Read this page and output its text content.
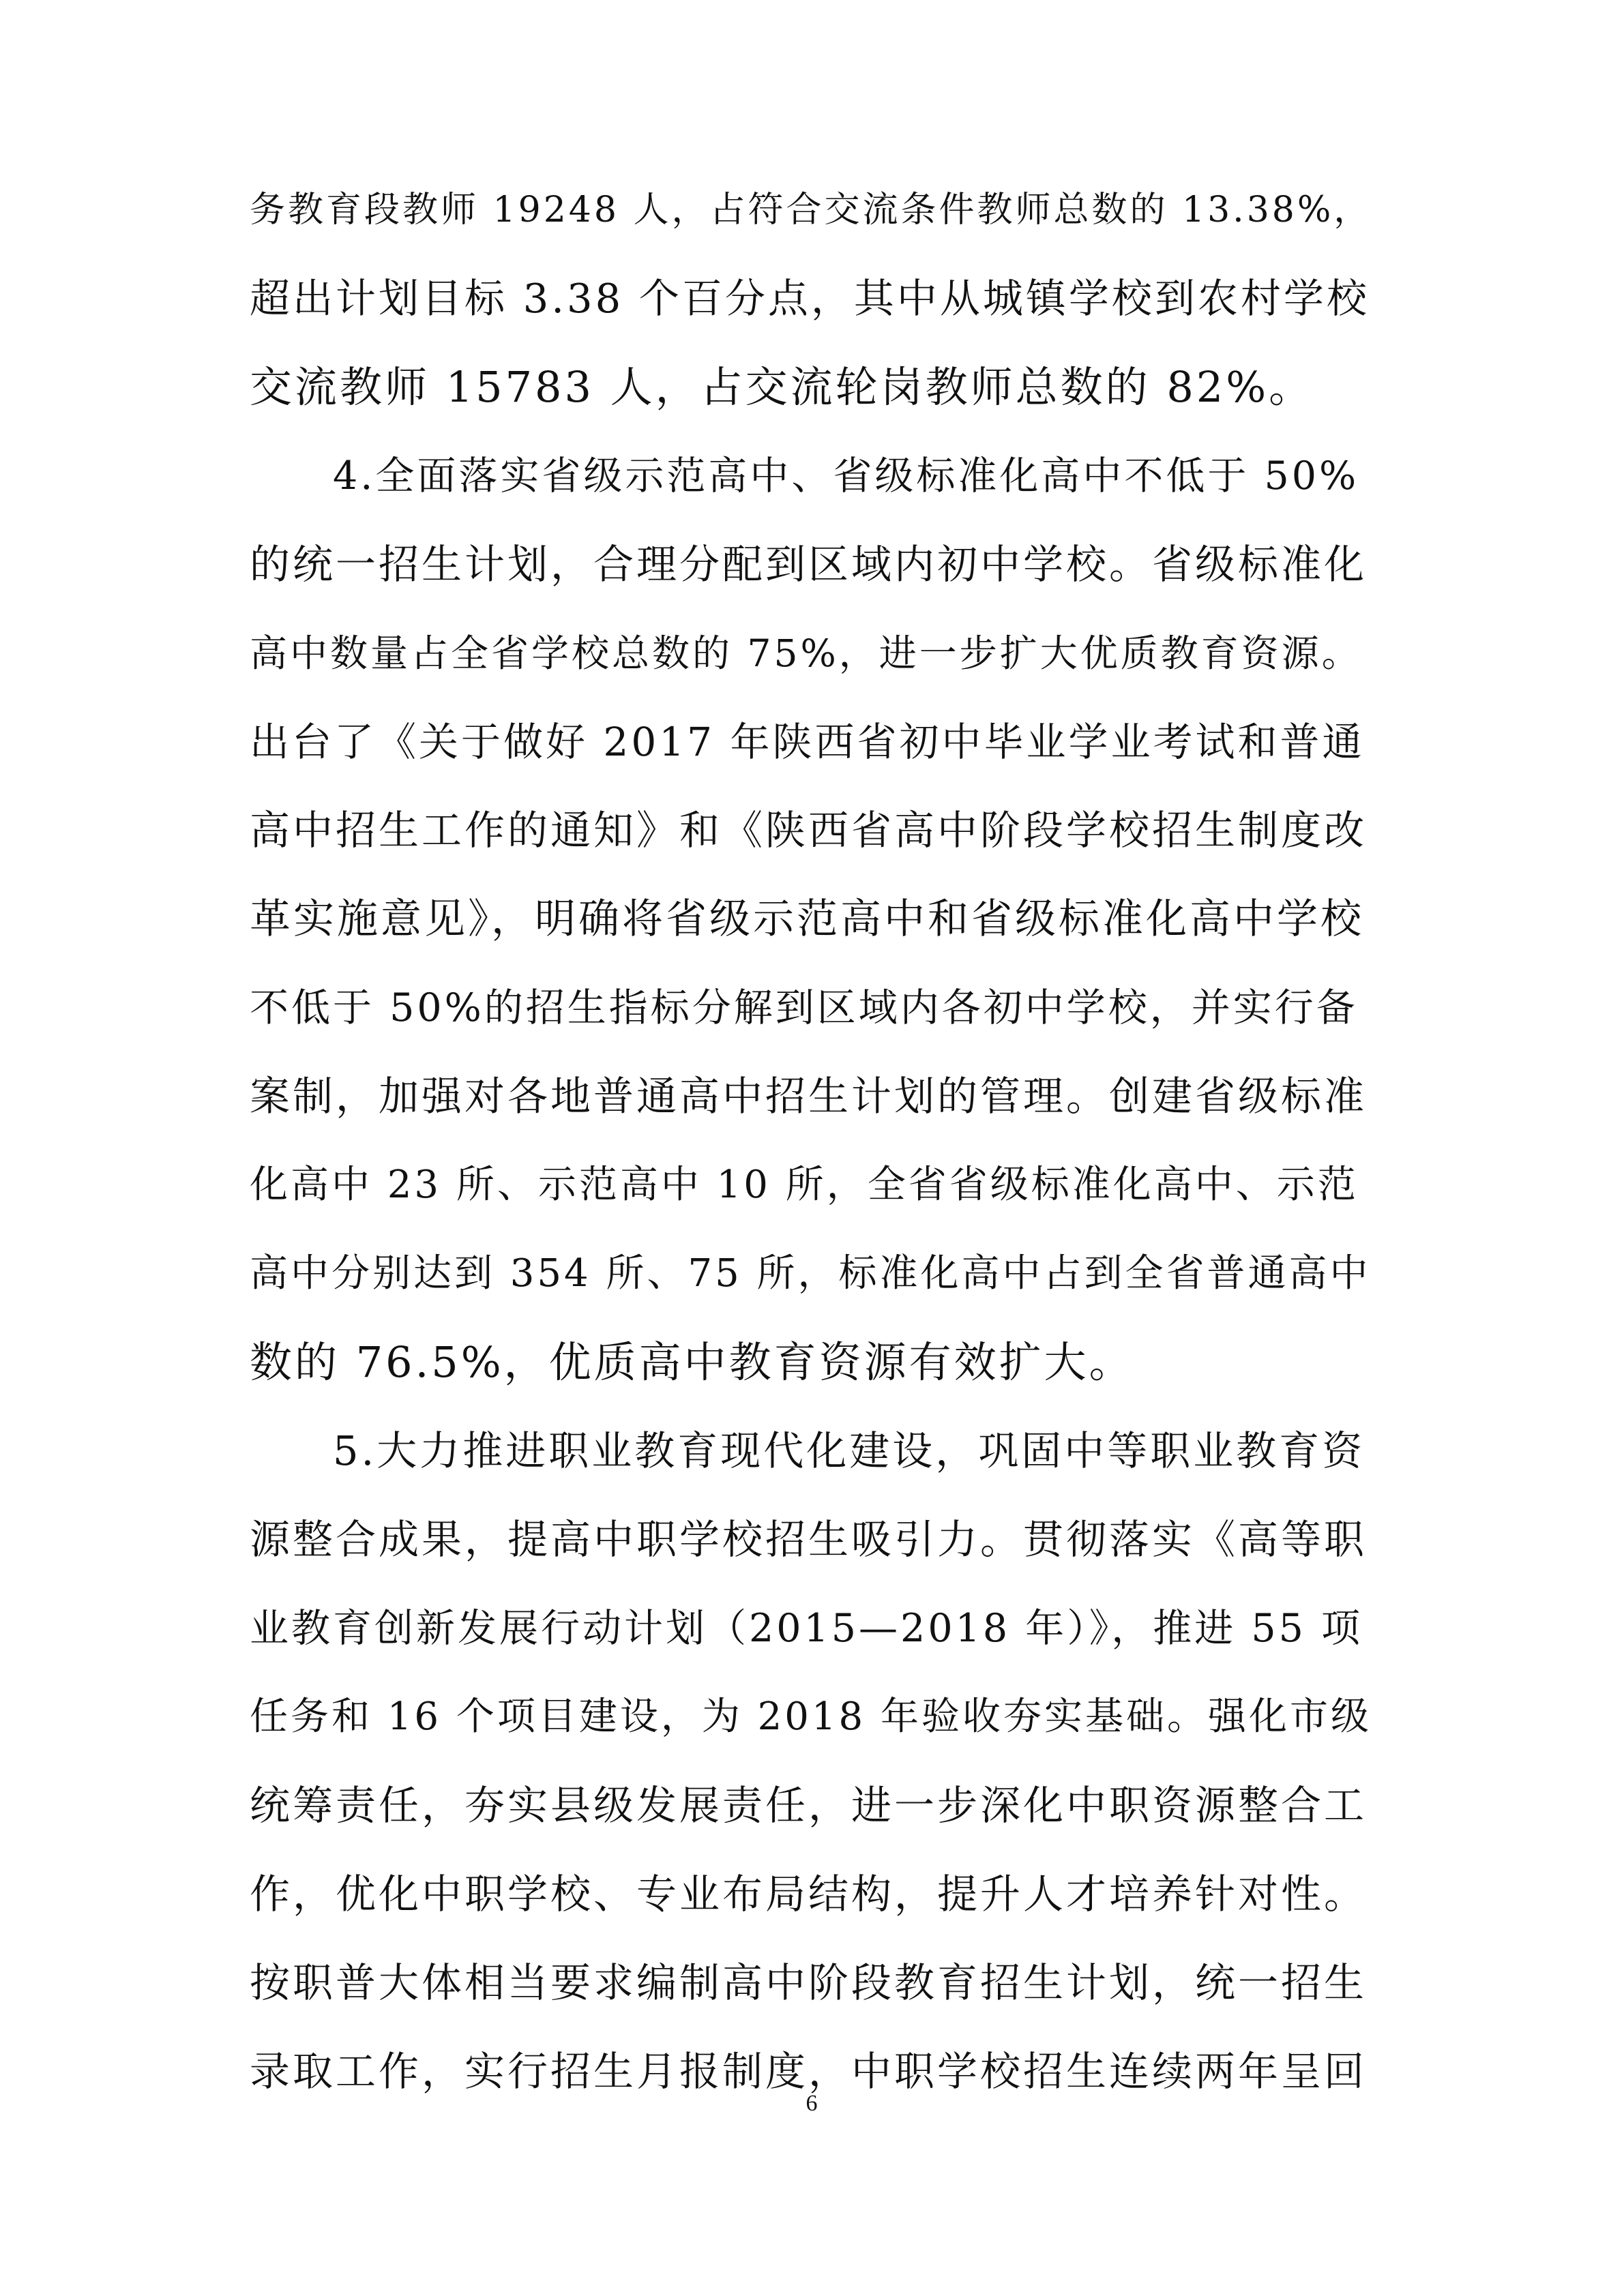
务教育段教师 19248 人，占符合交流条件教师总数的 13.38%，
超出计划目标 3.38 个百分点，其中从城镇学校到农村学校
交流教师 15783 人，占交流轮岗教师总数的 82%。
4.全面落实省级示范高中、省级标准化高中不低于 50%
的统一招生计划，合理分配到区域内初中学校。省级标准化
高中数量占全省学校总数的 75%，进一步扩大优质教育资源。
出台了《关于做好 2017 年陕西省初中毕业学业考试和普通
高中招生工作的通知》和《陕西省高中阶段学校招生制度改
革实施意见》，明确将省级示范高中和省级标准化高中学校
不低于 50%的招生指标分解到区域内各初中学校，并实行备
案制，加强对各地普通高中招生计划的管理。创建省级标准
化高中 23 所、示范高中 10 所，全省省级标准化高中、示范
高中分别达到 354 所、75 所，标准化高中占到全省普通高中
数的 76.5%，优质高中教育资源有效扩大。
5.大力推进职业教育现代化建设，巩固中等职业教育资
源整合成果，提高中职学校招生吸引力。贯彻落实《高等职
业教育创新发展行动计划（2015—2018 年）》，推进 55 项
任务和 16 个项目建设，为 2018 年验收夯实基础。强化市级
统筹责任，夯实县级发展责任，进一步深化中职资源整合工
作，优化中职学校、专业布局结构，提升人才培养针对性。
按职普大体相当要求编制高中阶段教育招生计划，统一招生
录取工作，实行招生月报制度，中职学校招生连续两年呈回
6
